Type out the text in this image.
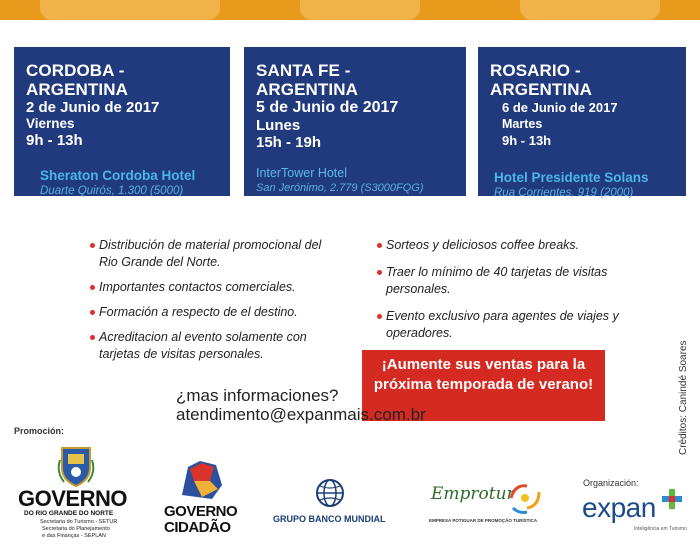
CORDOBA - ARGENTINA
2 de Junio de 2017
Viernes
9h - 13h
Sheraton Cordoba Hotel
Duarte Quirós, 1.300 (5000)
SANTA FE - ARGENTINA
5 de Junio de 2017
Lunes
15h - 19h
InterTower Hotel
San Jerónimo, 2.779 (S3000FQG)
ROSARIO - ARGENTINA
6 de Junio de 2017
Martes
9h - 13h
Hotel Presidente Solans
Rua Corrientes, 919 (2000)
Distribución de material promocional del Rio Grande del Norte.
Importantes contactos comerciales.
Formación a respecto de el destino.
Acreditacion al evento solamente con tarjetas de visitas personales.
Sorteos y deliciosos coffee breaks.
Traer lo mínimo de 40 tarjetas de visitas personales.
Evento exclusivo para agentes de viajes y operadores.
¡Aumente sus ventas para la próxima temporada de verano!
¿mas informaciones?
atendimento@expanmais.com.br	Créditos: Canindé Soares
Promoción:
Organización:
GOVERNO
DO RIO GRANDE DO NORTE
Secretaria do Turismo - SETUR
Secretaria do Planejamento
e das Finanças - SEPLAN
GOVERNO
CIDADÃO	GRUPO BANCO MUNDIAL
Emprotur
EMPRESA POTIGUAR DE PROMOÇÃO TURÍSTICA expan
Inteligência em Turismo
